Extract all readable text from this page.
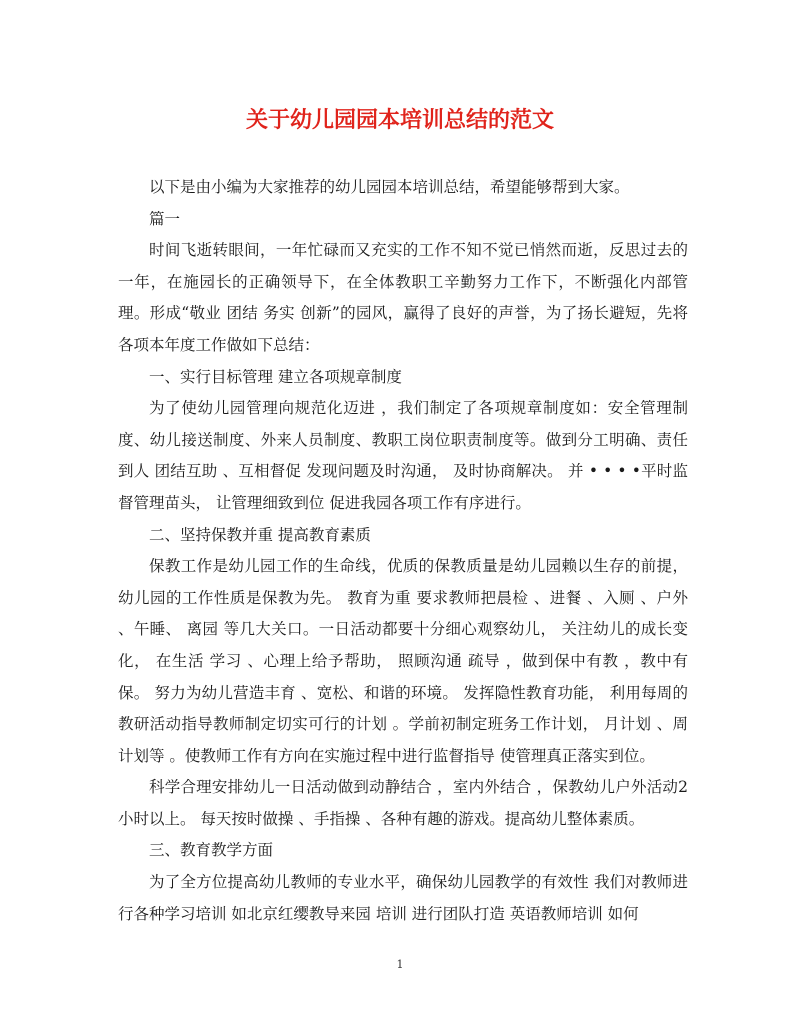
关于幼儿园园本培训总结的范文

以下是由小编为大家推荐的幼儿园园本培训总结，希望能够帮到大家。

篇一

时间飞逝转眼间，一年忙碌而又充实的工作不知不觉已悄然而逝，反思过去的一年，在施园长的正确领导下，在全体教职工辛勤努力工作下，不断强化内部管理。形成“敬业 团结 务实 创新”的园风，赢得了良好的声誉，为了扬长避短，先将各项本年度工作做如下总结：

一、实行目标管理 建立各项规章制度

为了使幼儿园管理向规范化迈进 ，我们制定了各项规章制度如：安全管理制度、幼儿接送制度、外来人员制度、教职工岗位职责制度等。做到分工明确、责任到人 团结互助 、互相督促 发现问题及时沟通， 及时协商解决。 并 • • • •平时监督管理苗头， 让管理细致到位 促进我园各项工作有序进行。

二、坚持保教并重 提高教育素质

保教工作是幼儿园工作的生命线，优质的保教质量是幼儿园赖以生存的前提，幼儿园的工作性质是保教为先。 教育为重 要求教师把晨检 、进餐 、入厕 、户外 、午睡、 离园 等几大关口。一日活动都要十分细心观察幼儿， 关注幼儿的成长变化， 在生活 学习 、心理上给予帮助， 照顾沟通 疏导 ，做到保中有教 ，教中有保。 努力为幼儿营造丰育 、宽松、和谐的环境。 发挥隐性教育功能， 利用每周的教研活动指导教师制定切实可行的计划 。学前初制定班务工作计划， 月计划 、周计划等 。使教师工作有方向在实施过程中进行监督指导 使管理真正落实到位。

科学合理安排幼儿一日活动做到动静结合 ，室内外结合 ，保教幼儿户外活动2小时以上。 每天按时做操 、手指操 、各种有趣的游戏。提高幼儿整体素质。

三、教育教学方面

为了全方位提高幼儿教师的专业水平，确保幼儿园教学的有效性 我们对教师进行各种学习培训 如北京红缨教导来园 培训 进行团队打造 英语教师培训 如何

1
